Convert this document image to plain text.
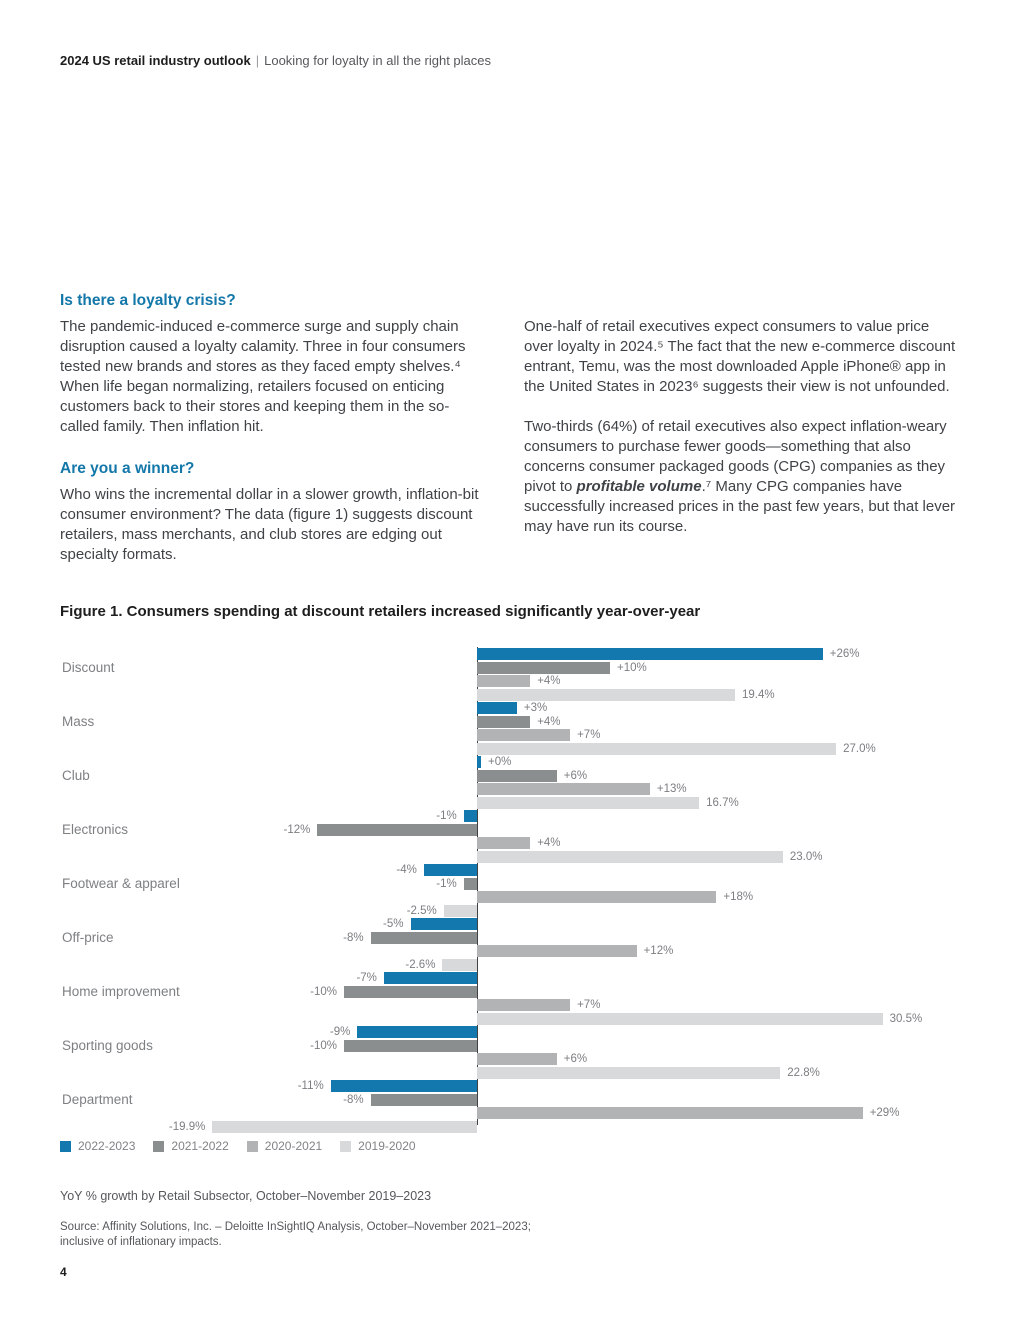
2024 US retail industry outlook | Looking for loyalty in all the right places
Is there a loyalty crisis?

The pandemic-induced e-commerce surge and supply chain disruption caused a loyalty calamity. Three in four consumers tested new brands and stores as they faced empty shelves.⁴ When life began normalizing, retailers focused on enticing customers back to their stores and keeping them in the so-called family. Then inflation hit.

Are you a winner?

Who wins the incremental dollar in a slower growth, inflation-bit consumer environment? The data (figure 1) suggests discount retailers, mass merchants, and club stores are edging out specialty formats.

One-half of retail executives expect consumers to value price over loyalty in 2024.⁵ The fact that the new e-commerce discount entrant, Temu, was the most downloaded Apple iPhone® app in the United States in 2023⁶ suggests their view is not unfounded.

Two-thirds (64%) of retail executives also expect inflation-weary consumers to purchase fewer goods—something that also concerns consumer packaged goods (CPG) companies as they pivot to profitable volume.⁷ Many CPG companies have successfully increased prices in the past few years, but that lever may have run its course.

Figure 1. Consumers spending at discount retailers increased significantly year-over-year
Discount
+26%
+10%
+4%
19.4%
Mass
+3%
+4%
+7%
27.0%
Club
+0%
+6%
+13%
16.7%
Electronics
-1%
-12%
+4%
23.0%
Footwear & apparel
-4%
-1%
+18%
-2.5%
Off-price
-5%
-8%
+12%
-2.6%
Home improvement
-7%
-10%
+7%
30.5%
Sporting goods
-9%
-10%
+6%
22.8%
Department
-11%
-8%
+29%
-19.9%
2022-2023	2021-2022	2020-2021	2019-2020
YoY % growth by Retail Subsector, October–November 2019–2023
Source: Affinity Solutions, Inc. – Deloitte InSightIQ Analysis, October–November 2021–2023;
inclusive of inflationary impacts.
4
